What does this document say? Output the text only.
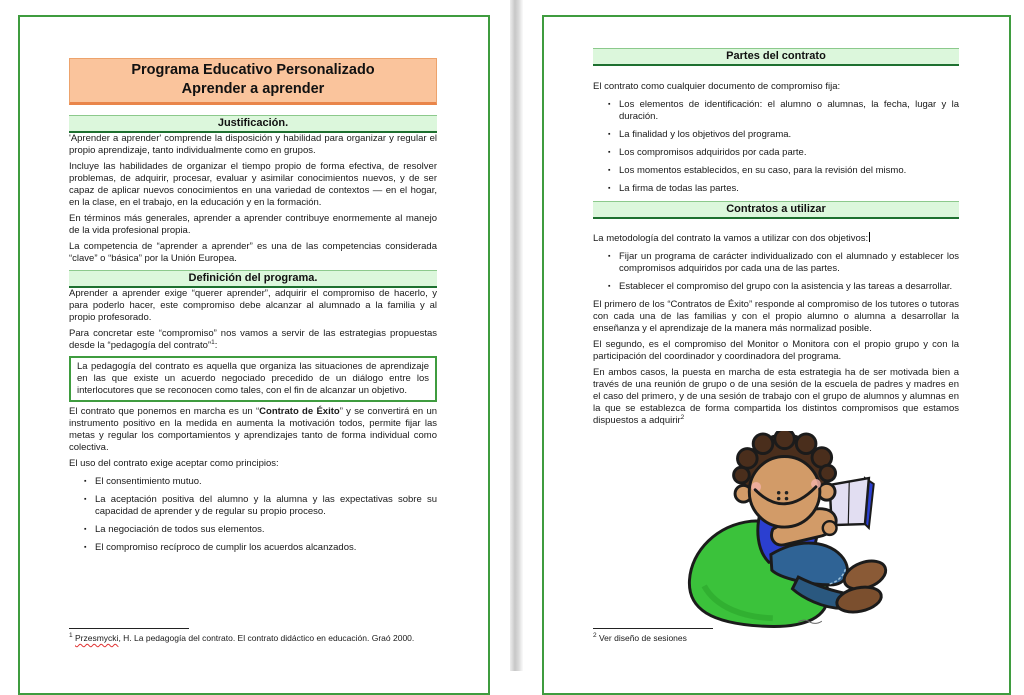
Programa Educativo Personalizado
Aprender a aprender
Justificación.

'Aprender a aprender' comprende la disposición y habilidad para organizar y regular el propio aprendizaje, tanto individualmente como en grupos.

Incluye las habilidades de organizar el tiempo propio de forma efectiva, de resolver problemas, de adquirir, procesar, evaluar y asimilar conocimientos nuevos, y de ser capaz de aplicar nuevos conocimientos en una variedad de contextos — en el hogar, en la clase, en el trabajo, en la educación y en la formación.

En términos más generales, aprender a aprender contribuye enormemente al manejo de la vida profesional propia.

La competencia de “aprender a aprender” es una de las competencias considerada “clave” o “básica” por la Unión Europea.

Definición del programa.

Aprender a aprender exige “querer aprender”, adquirir el compromiso de hacerlo, y para poderlo hacer, este compromiso debe alcanzar al alumnado a la familia y al propio profesorado.

Para concretar este “compromiso” nos vamos a servir de las estrategias propuestas desde la “pedagogía del contrato”$^1$:

La pedagogía del contrato es aquella que organiza las situaciones de aprendizaje en las que existe un acuerdo negociado precedido de un diálogo entre los interlocutores que se reconocen como tales, con el fin de alcanzar un objetivo.

El contrato que ponemos en marcha es un “Contrato de Éxito” y se convertirá en un instrumento positivo en la medida en aumenta la motivación todos, permite fijar las metas y regular los comportamientos y aprendizajes tanto de forma individual como colectiva.

El uso del contrato exige aceptar como principios:

▪ El consentimiento mutuo.
▪ La aceptación positiva del alumno y la alumna y las expectativas sobre su capacidad de aprender y de regular su propio proceso.
▪ La negociación de todos sus elementos.
▪ El compromiso recíproco de cumplir los acuerdos alcanzados.
$^1$ Przesmycki, H. La pedagogía del contrato. El contrato didáctico en educación. Graó 2000.
Partes del contrato

El contrato como cualquier documento de compromiso fija:

▪ Los elementos de identificación: el alumno o alumnas, la fecha, lugar y la duración.
▪ La finalidad y los objetivos del programa.
▪ Los compromisos adquiridos por cada parte.
▪ Los momentos establecidos, en su caso, para la revisión del mismo.
▪ La firma de todas las partes.
Contratos a utilizar

La metodología del contrato la vamos a utilizar con dos objetivos:

▪ Fijar un programa de carácter individualizado con el alumnado y establecer los compromisos adquiridos por cada una de las partes.
▪ Establecer el compromiso del grupo con la asistencia y las tareas a desarrollar.

El primero de los “Contratos de Éxito” responde al compromiso de los tutores o tutoras con cada una de las familias y con el propio alumno o alumna a desarrollar la enseñanza y el aprendizaje de la manera más normalizad posible.

El segundo, es el compromiso del Monitor o Monitora con el propio grupo y con la participación del coordinador y coordinadora del programa.

En ambos casos, la puesta en marcha de esta estrategia ha de ser motivada bien a través de una reunión de grupo o de una sesión de la escuela de padres y madres en el caso del primero, y de una sesión de trabajo con el grupo de alumnos y alumnas en la que se establezca de forma compartida los distintos compromisos que estamos dispuestos a adquirir$^2$

$^2$ Ver diseño de sesiones
